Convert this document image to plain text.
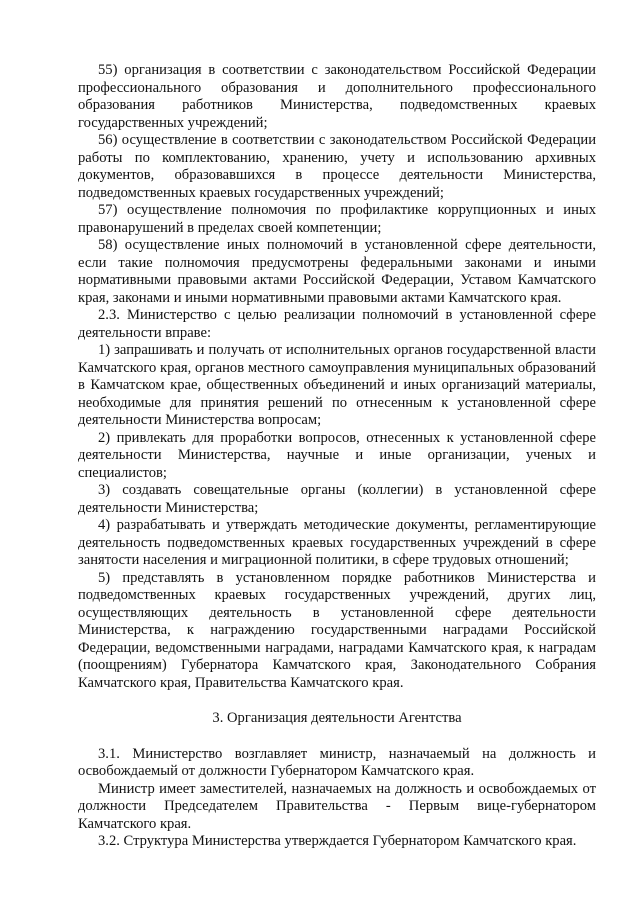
55) организация в соответствии с законодательством Российской Федерации профессионального образования и дополнительного профессионального образования работников Министерства, подведомственных краевых государственных учреждений;

56) осуществление в соответствии с законодательством Российской Федерации работы по комплектованию, хранению, учету и использованию архивных документов, образовавшихся в процессе деятельности Министерства, подведомственных краевых государственных учреждений;

57) осуществление полномочия по профилактике коррупционных и иных правонарушений в пределах своей компетенции;

58) осуществление иных полномочий в установленной сфере деятельности, если такие полномочия предусмотрены федеральными законами и иными нормативными правовыми актами Российской Федерации, Уставом Камчатского края, законами и иными нормативными правовыми актами Камчатского края.

2.3. Министерство с целью реализации полномочий в установленной сфере деятельности вправе:

1) запрашивать и получать от исполнительных органов государственной власти Камчатского края, органов местного самоуправления муниципальных образований в Камчатском крае, общественных объединений и иных организаций материалы, необходимые для принятия решений по отнесенным к установленной сфере деятельности Министерства вопросам;

2) привлекать для проработки вопросов, отнесенных к установленной сфере деятельности Министерства, научные и иные организации, ученых и специалистов;

3) создавать совещательные органы (коллегии) в установленной сфере деятельности Министерства;

4) разрабатывать и утверждать методические документы, регламентирующие деятельность подведомственных краевых государственных учреждений в сфере занятости населения и миграционной политики, в сфере трудовых отношений;

5) представлять в установленном порядке работников Министерства и подведомственных краевых государственных учреждений, других лиц, осуществляющих деятельность в установленной сфере деятельности Министерства, к награждению государственными наградами Российской Федерации, ведомственными наградами, наградами Камчатского края, к наградам (поощрениям) Губернатора Камчатского края, Законодательного Собрания Камчатского края, Правительства Камчатского края.

3. Организация деятельности Агентства

3.1. Министерство возглавляет министр, назначаемый на должность и освобождаемый от должности Губернатором Камчатского края.

Министр имеет заместителей, назначаемых на должность и освобождаемых от должности Председателем Правительства - Первым вице-губернатором Камчатского края.

3.2. Структура Министерства утверждается Губернатором Камчатского края.
